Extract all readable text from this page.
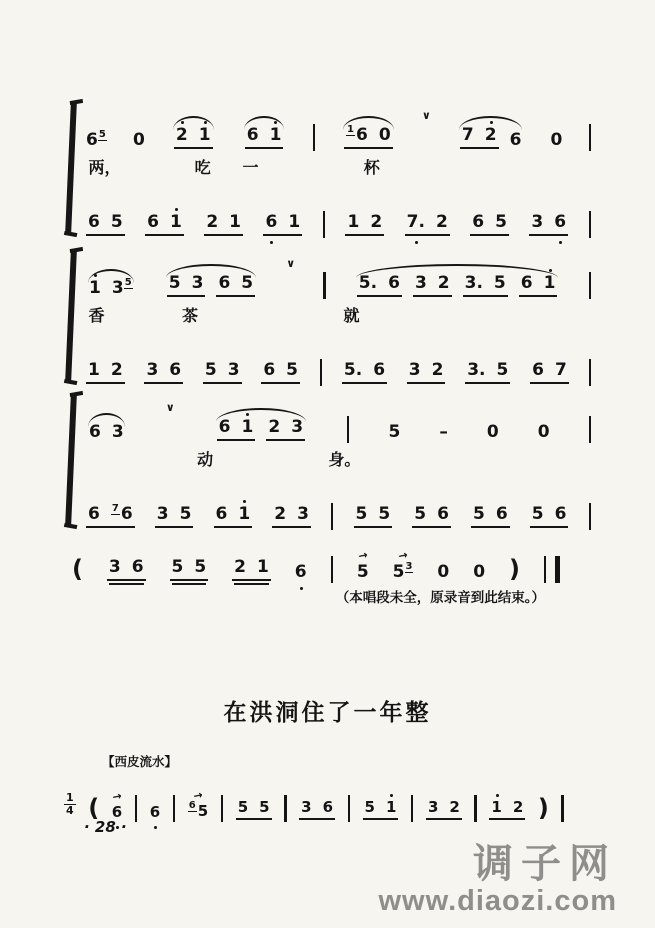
6 5 0 2 1 6 1	1 6 0
∨
7 2 6 0
两，	吃 一	杯
6 5 6 1 2 1 6 1	1 2 7. 2 6 5 3 6
1 3 5 5 3 6 5
∨
5. 6 3 2 3. 5 6 1
香	茶	就
1 2 3 6 5 3 6 5	5. 6 3 2 3. 5 6 7
6 3
∨
6 1 2 3	5 – 0 0
动	身。
6 7 6 3 5 6 1 2 3	5 5 5 6 5 6 5 6
( 3 6 5 5 2 1 6	5
→
5 3
→
0 0 )
（本唱段未全，原录音到此结束。）
在洪洞住了一年整
【西皮流水】
$\frac{1}{4}$ ( 6
→
6	6 5
→
5 5 3 6 5 1 3 2 1 2 )
· 28 ·
调子网
www.diaozi.com
